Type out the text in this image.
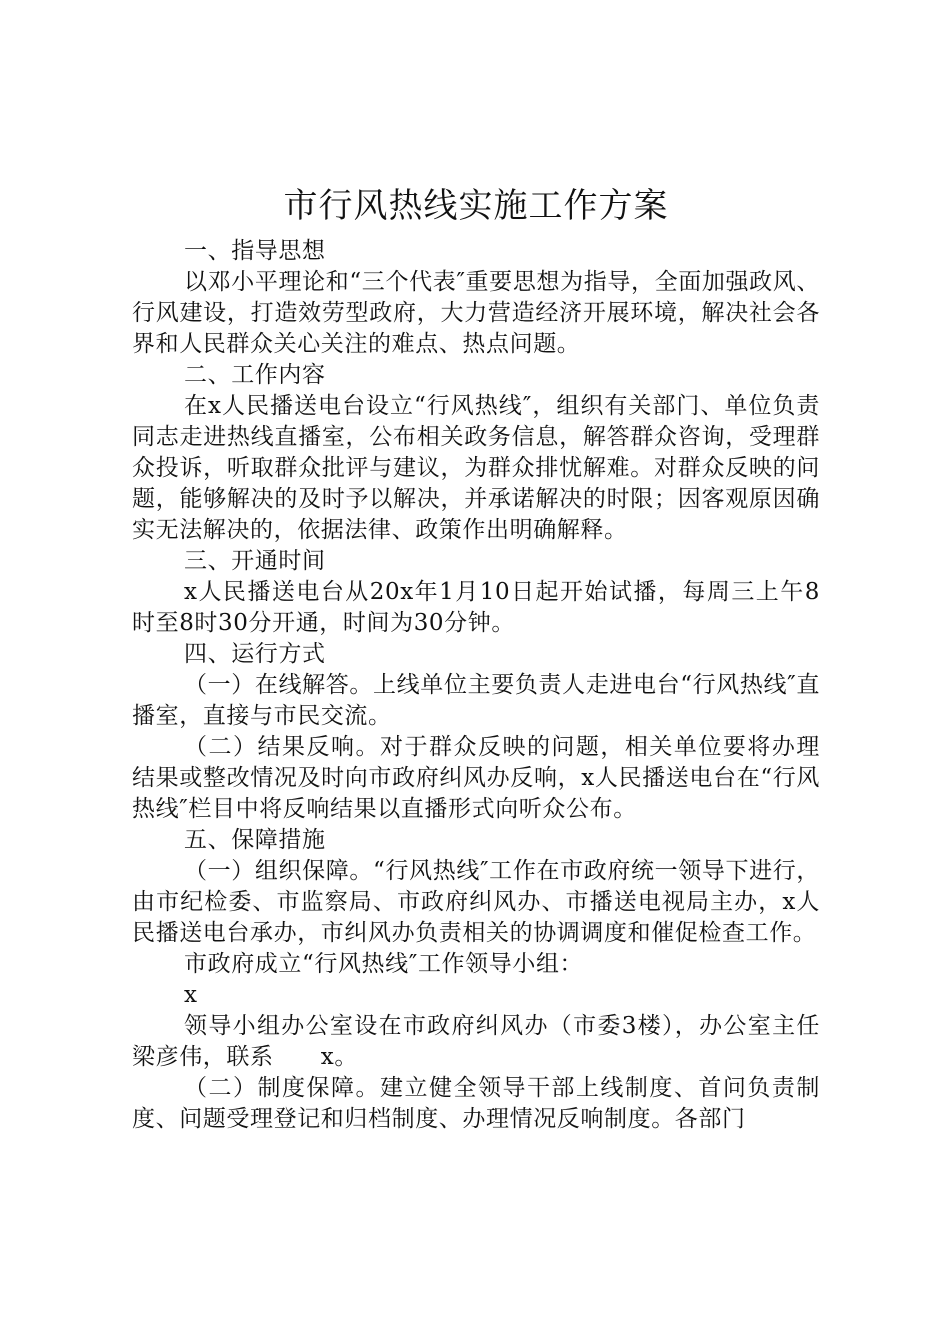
市行风热线实施工作方案

一、指导思想

以邓小平理论和“三个代表″重要思想为指导，全面加强政风、行风建设，打造效劳型政府，大力营造经济开展环境，解决社会各界和人民群众关心关注的难点、热点问题。

二、工作内容

在x人民播送电台设立“行风热线″，组织有关部门、单位负责同志走进热线直播室，公布相关政务信息，解答群众咨询，受理群众投诉，听取群众批评与建议，为群众排忧解难。对群众反映的问题，能够解决的及时予以解决，并承诺解决的时限；因客观原因确实无法解决的，依据法律、政策作出明确解释。

三、开通时间

x人民播送电台从20x年1月10日起开始试播，每周三上午8时至8时30分开通，时间为30分钟。

四、运行方式

（一）在线解答。上线单位主要负责人走进电台“行风热线″直播室，直接与市民交流。

（二）结果反响。对于群众反映的问题，相关单位要将办理结果或整改情况及时向市政府纠风办反响，x人民播送电台在“行风热线″栏目中将反响结果以直播形式向听众公布。

五、保障措施

（一）组织保障。“行风热线″工作在市政府统一领导下进行，由市纪检委、市监察局、市政府纠风办、市播送电视局主办，x人民播送电台承办，市纠风办负责相关的协调调度和催促检查工作。

市政府成立“行风热线″工作领导小组：

x

领导小组办公室设在市政府纠风办（市委3楼），办公室主任梁彦伟，联系　　x。

（二）制度保障。建立健全领导干部上线制度、首问负责制度、问题受理登记和归档制度、办理情况反响制度。各部门
